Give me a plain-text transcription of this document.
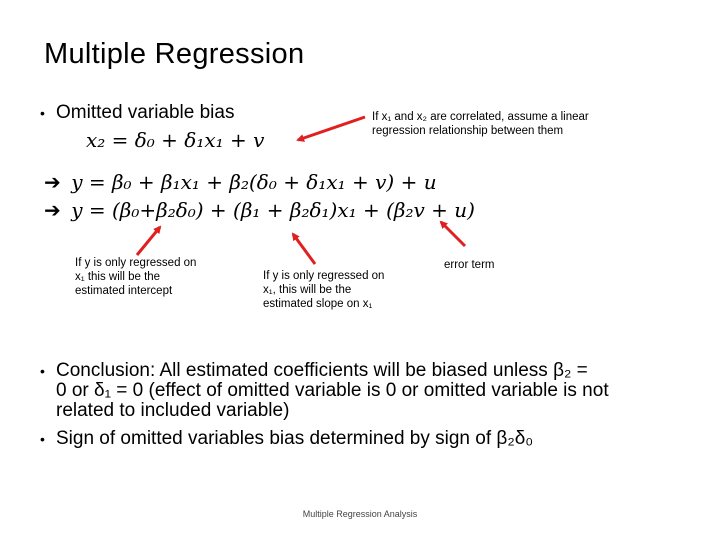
Multiple Regression
• Omitted variable bias
x₂ = δ₀ + δ₁x₁ + v
➔ y = β₀ + β₁x₁ + β₂(δ₀ + δ₁x₁ + v) + u
➔ y = (β₀+β₂δ₀) + (β₁ + β₂δ₁)x₁ + (β₂v + u)
If x₁ and x₂ are correlated, assume a linear regression relationship between them
If y is only regressed on x₁ this will be the estimated intercept
If y is only regressed on x₁, this will be the estimated slope on x₁
error term
• Conclusion: All estimated coefficients will be biased unless β₂ =
0 or δ₁ = 0 (effect of omitted variable is 0 or omitted variable is not
related to included variable)
• Sign of omitted variables bias determined by sign of β₂δ₀
Multiple Regression Analysis
